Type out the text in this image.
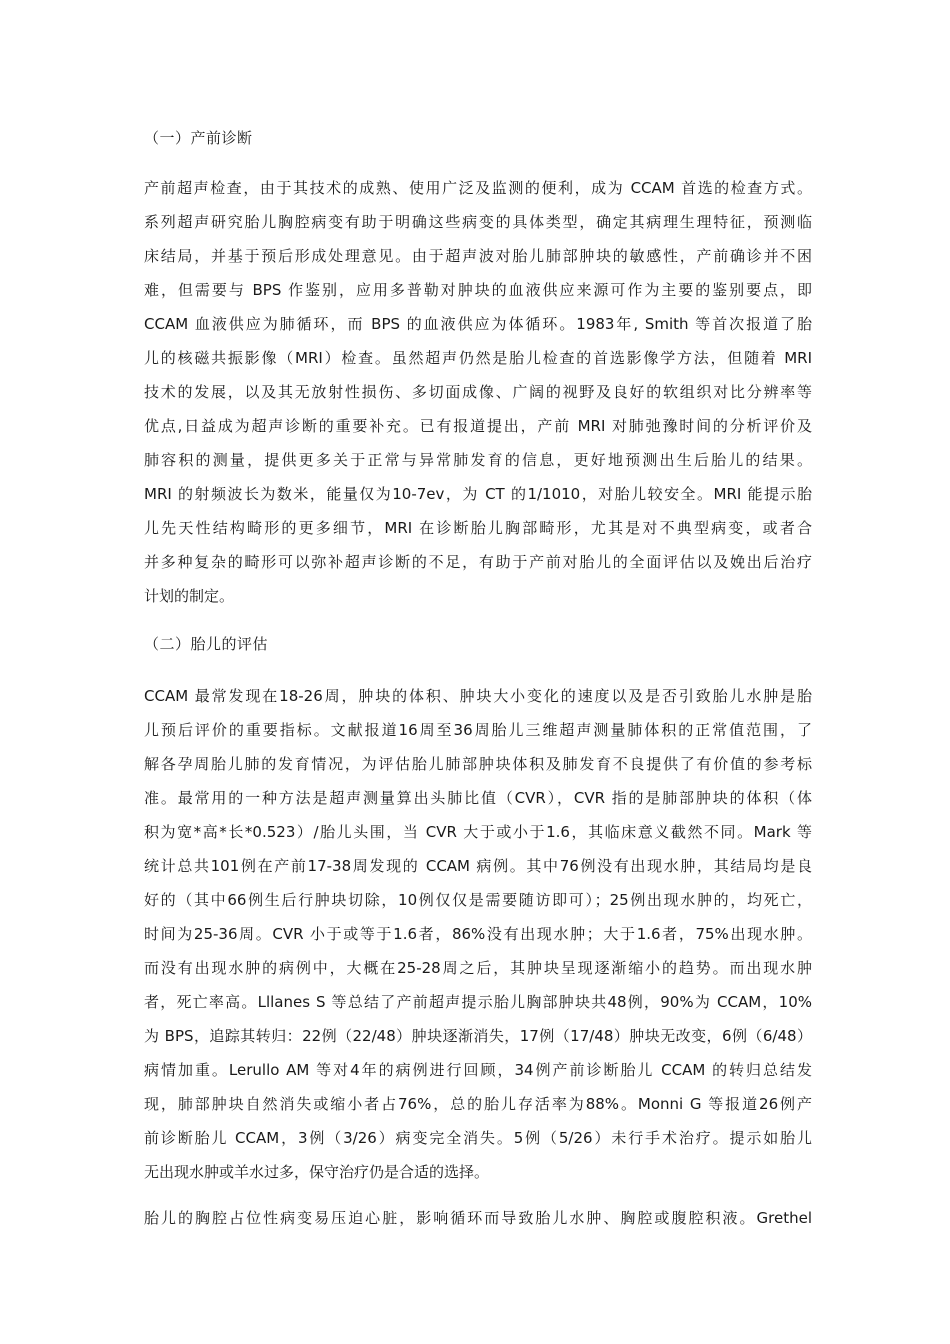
（一）产前诊断
产前超声检查，由于其技术的成熟、使用广泛及监测的便利，成为 CCAM 首选的检查方式。
系列超声研究胎儿胸腔病变有助于明确这些病变的具体类型，确定其病理生理特征，预测临
床结局，并基于预后形成处理意见。由于超声波对胎儿肺部肿块的敏感性，产前确诊并不困
难，但需要与 BPS 作鉴别，应用多普勒对肿块的血液供应来源可作为主要的鉴别要点，即
CCAM 血液供应为肺循环，而 BPS 的血液供应为体循环。1983年, Smith 等首次报道了胎
儿的核磁共振影像（MRI）检查。虽然超声仍然是胎儿检查的首选影像学方法，但随着 MRI
技术的发展，以及其无放射性损伤、多切面成像、广阔的视野及良好的软组织对比分辨率等
优点,日益成为超声诊断的重要补充。已有报道提出，产前 MRI 对肺弛豫时间的分析评价及
肺容积的测量，提供更多关于正常与异常肺发育的信息，更好地预测出生后胎儿的结果。
MRI 的射频波长为数米，能量仅为10-7ev，为 CT 的1/1010，对胎儿较安全。MRI 能提示胎
儿先天性结构畸形的更多细节，MRI 在诊断胎儿胸部畸形，尤其是对不典型病变，或者合
并多种复杂的畸形可以弥补超声诊断的不足，有助于产前对胎儿的全面评估以及娩出后治疗
计划的制定。
（二）胎儿的评估
CCAM 最常发现在18-26周，肿块的体积、肿块大小变化的速度以及是否引致胎儿水肿是胎
儿预后评价的重要指标。文献报道16周至36周胎儿三维超声测量肺体积的正常值范围，了
解各孕周胎儿肺的发育情况，为评估胎儿肺部肿块体积及肺发育不良提供了有价值的参考标
准。最常用的一种方法是超声测量算出头肺比值（CVR），CVR 指的是肺部肿块的体积（体
积为宽*高*长*0.523）/胎儿头围，当 CVR 大于或小于1.6，其临床意义截然不同。Mark 等
统计总共101例在产前17-38周发现的 CCAM 病例。其中76例没有出现水肿，其结局均是良
好的（其中66例生后行肿块切除，10例仅仅是需要随访即可）；25例出现水肿的，均死亡，
时间为25-36周。CVR 小于或等于1.6者，86%没有出现水肿；大于1.6者，75%出现水肿。
而没有出现水肿的病例中，大概在25-28周之后，其肿块呈现逐渐缩小的趋势。而出现水肿
者，死亡率高。Lllanes S 等总结了产前超声提示胎儿胸部肿块共48例，90%为 CCAM，10%
为 BPS，追踪其转归：22例（22/48）肿块逐渐消失，17例（17/48）肿块无改变，6例（6/48）
病情加重。Lerullo AM 等对4年的病例进行回顾，34例产前诊断胎儿 CCAM 的转归总结发
现，肺部肿块自然消失或缩小者占76%，总的胎儿存活率为88%。Monni G 等报道26例产
前诊断胎儿 CCAM，3例（3/26）病变完全消失。5例（5/26）未行手术治疗。提示如胎儿
无出现水肿或羊水过多，保守治疗仍是合适的选择。
胎儿的胸腔占位性病变易压迫心脏，影响循环而导致胎儿水肿、胸腔或腹腔积液。Grethel
